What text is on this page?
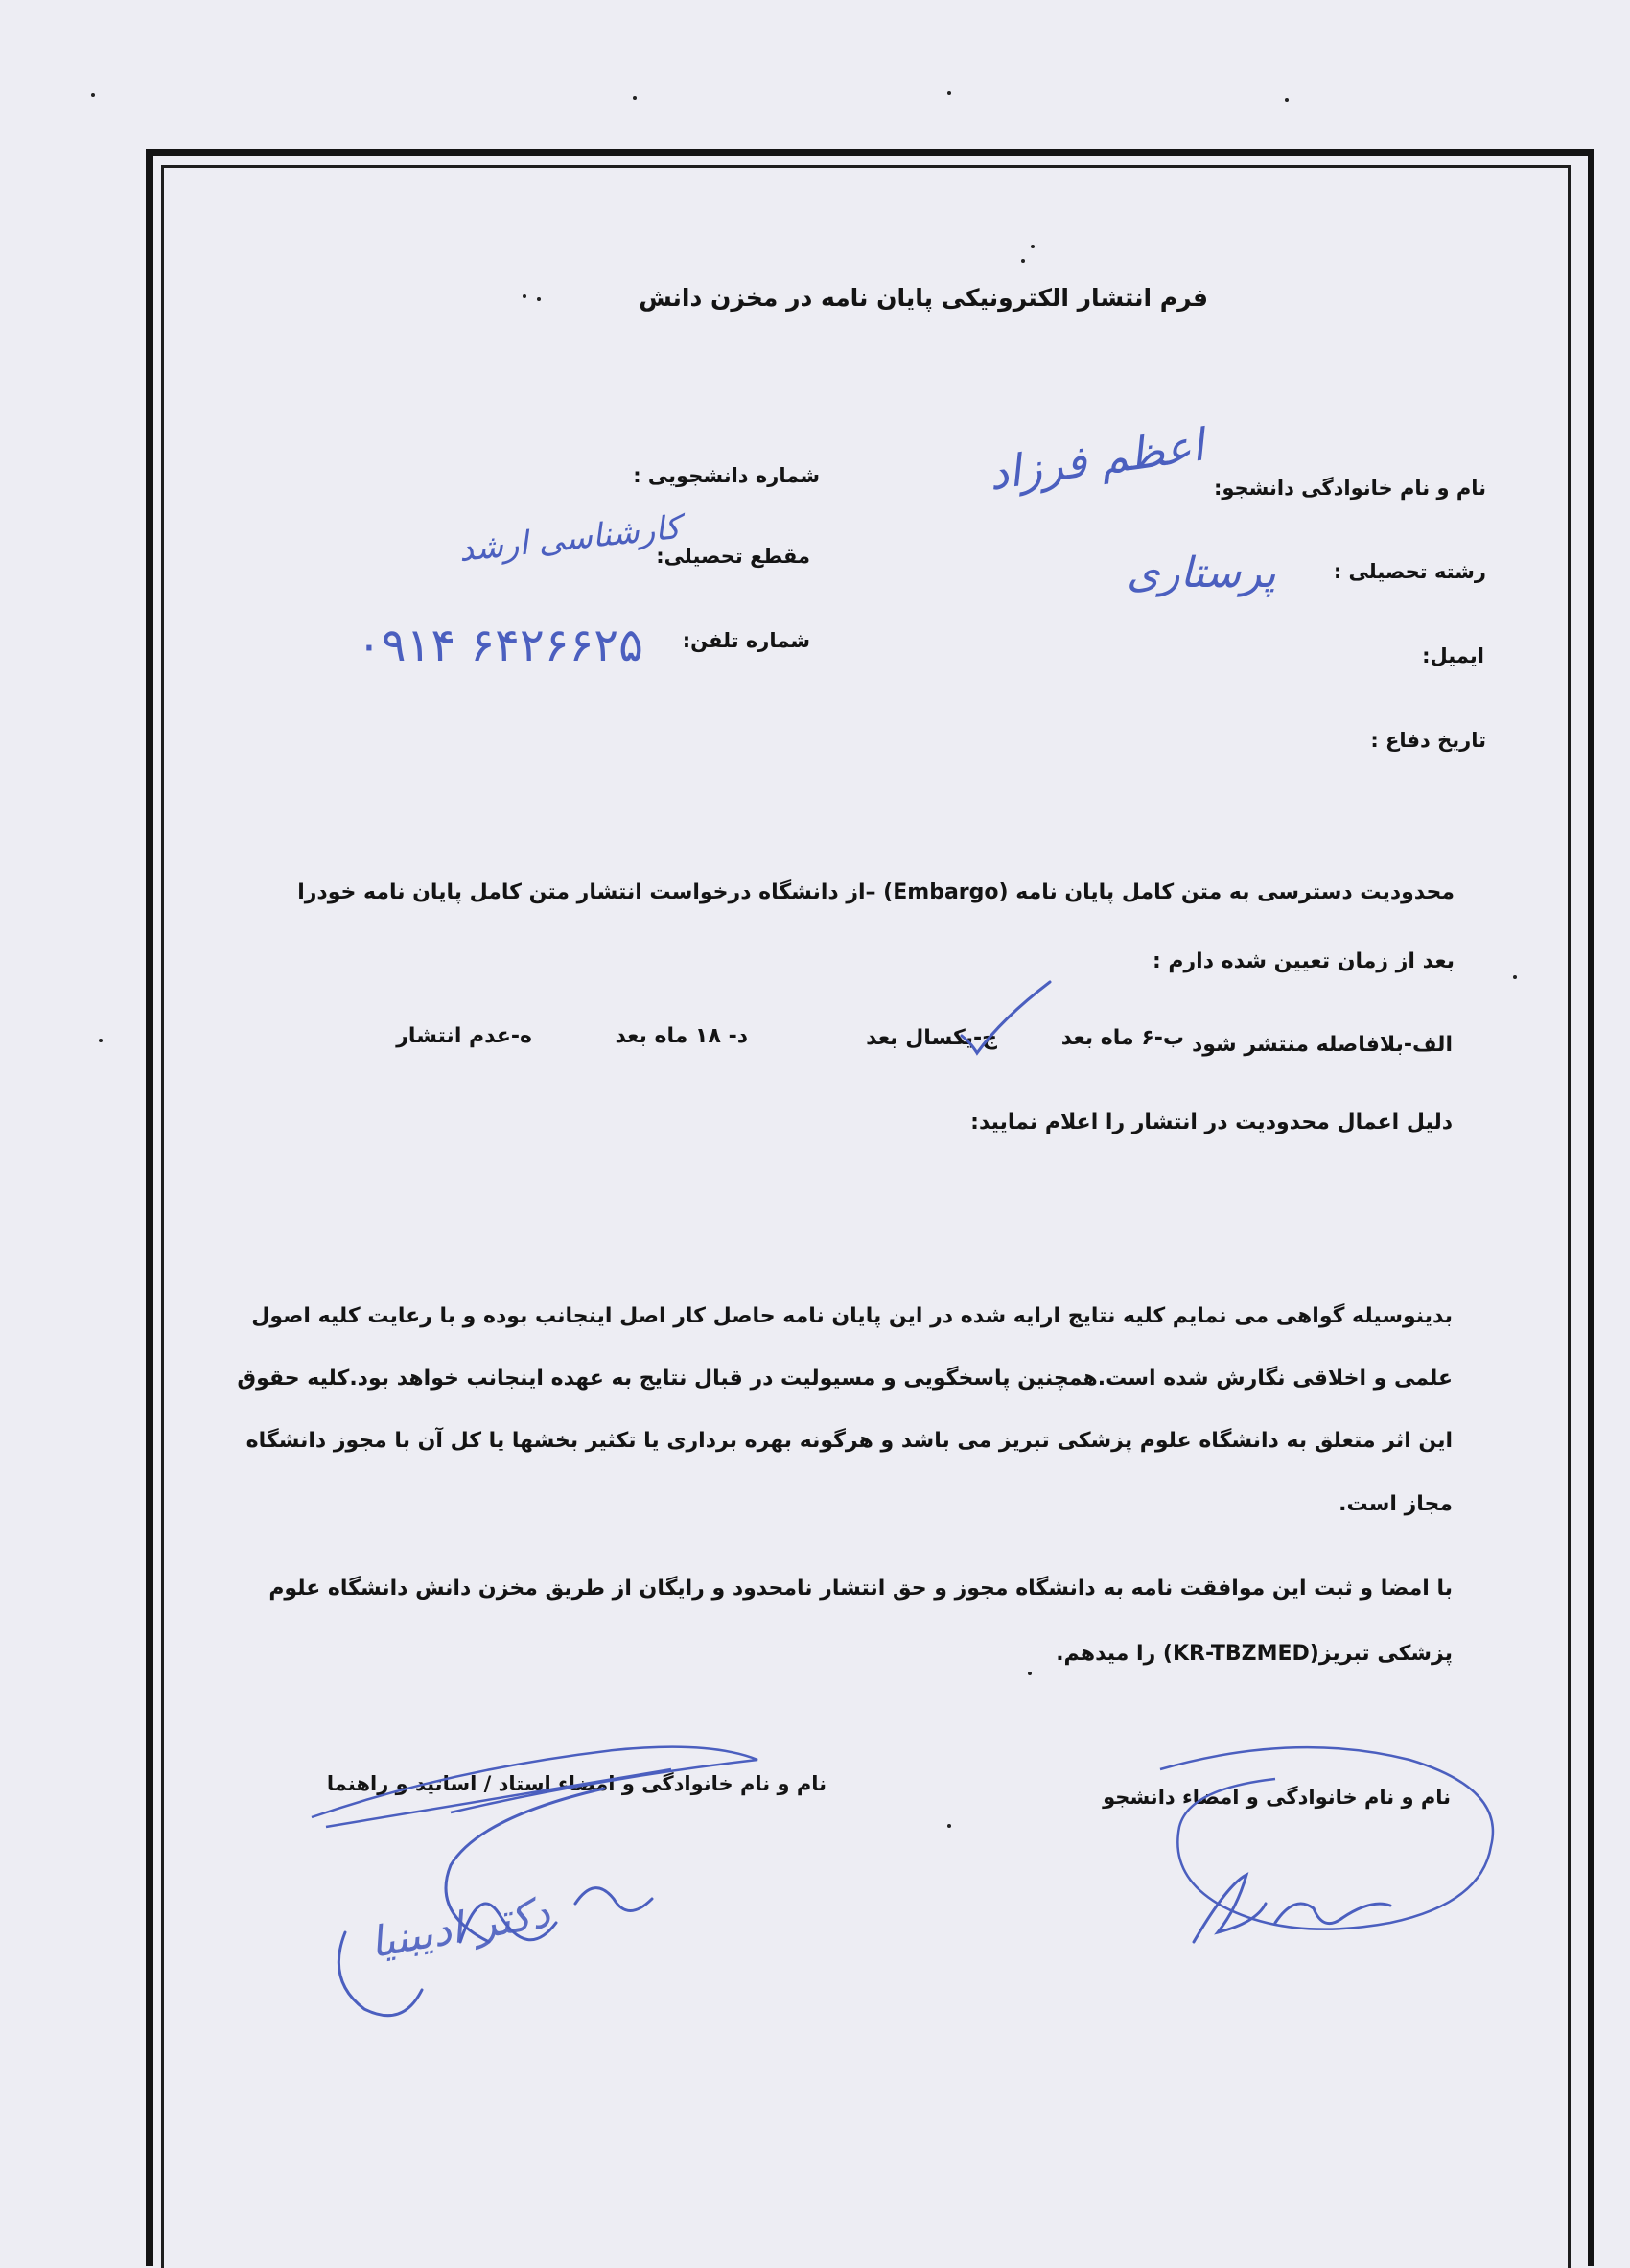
فرم انتشار الکترونیکی پایان نامه در مخزن دانش
نام و نام خانوادگی دانشجو:
شماره دانشجویی :
رشته تحصیلی :
مقطع تحصیلی:
ایمیل:
شماره تلفن:
تاریخ دفاع :
ا‌عظم فرزاد
پرستاری
کارشناسی ارشد
۰۹۱۴ ۶۴۲۶۶۲۵
محدودیت دسترسی به متن کامل پایان نامه (Embargo) –از دانشگاه درخواست انتشار متن کامل پایان نامه خودرا
بعد از زمان تعیین شده دارم :
الف-بلافاصله منتشر شود
ب-۶ ماه بعد
ج-یکسال بعد
د- ۱۸ ماه بعد
ه-عدم انتشار
دلیل اعمال محدودیت در انتشار را اعلام نمایید:
بدینوسیله گواهی می نمایم کلیه نتایج ارایه شده در این پایان نامه حاصل کار اصل اینجانب بوده و با رعایت کلیه اصول
علمی و اخلاقی نگارش شده است.همچنین پاسخگویی و مسیولیت در قبال نتایج به عهده اینجانب خواهد بود.کلیه حقوق
این اثر متعلق به دانشگاه علوم پزشکی تبریز می باشد و هرگونه بهره برداری یا تکثیر بخشها یا کل آن با مجوز دانشگاه
مجاز است.
با امضا و ثبت این موافقت نامه به دانشگاه مجوز و حق انتشار نامحدود و رایگان از طریق مخزن دانش دانشگاه علوم
پزشکی تبریز(KR-TBZMED) را میدهم.
نام و نام خانوادگی و امضاء دانشجو
نام و نام خانوادگی و امضاء استاد / اساتید و راهنما
دکتر ادیبنیا
